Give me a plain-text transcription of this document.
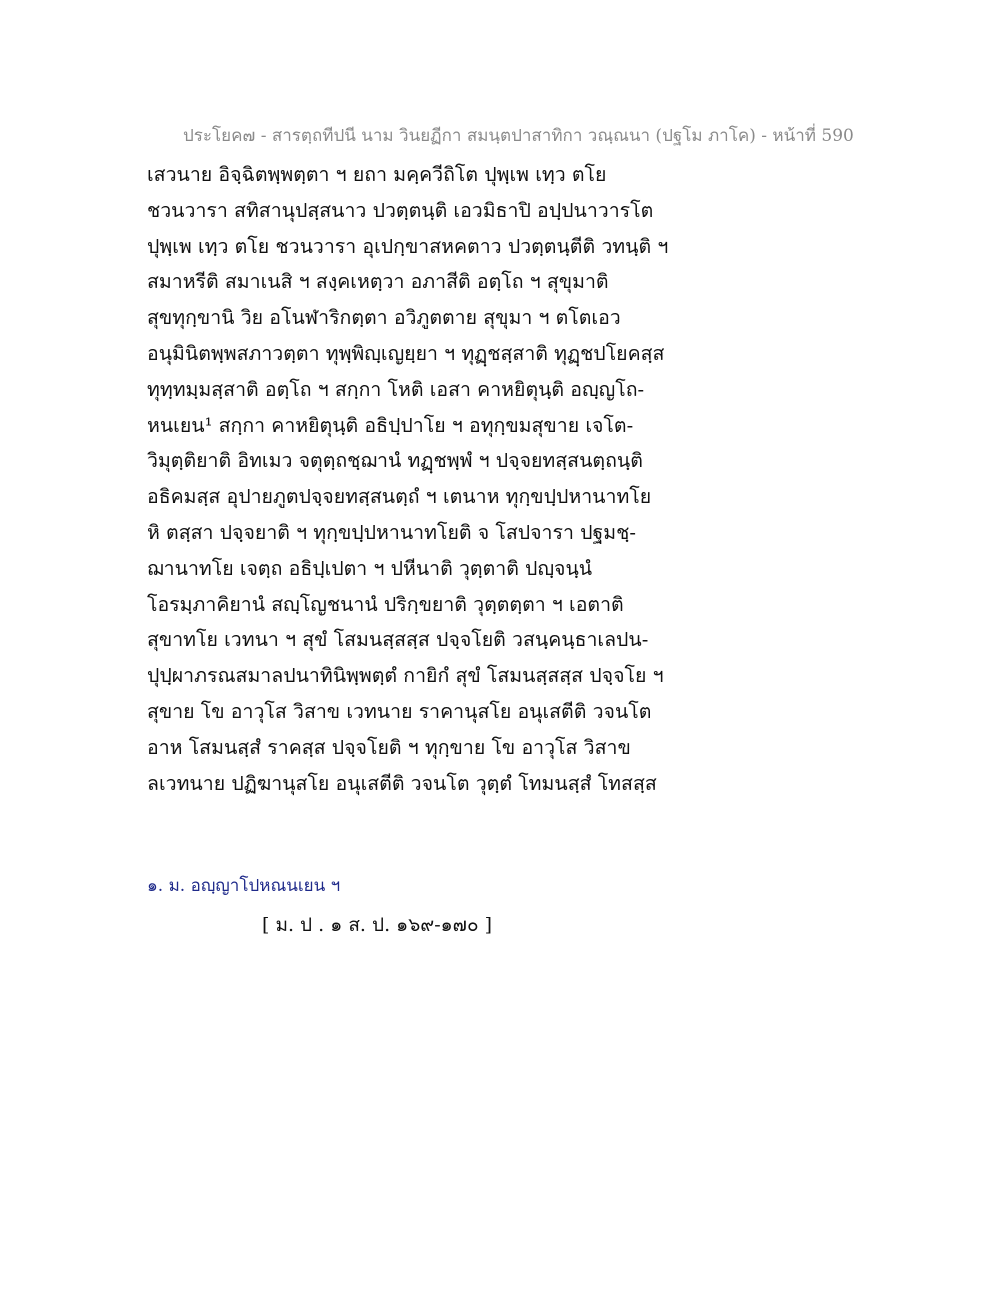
ประโยค๗ - สารตฺถทีปนี นาม วินยฏีกา สมนฺตปาสาทิกา วณฺณนา (ปฐโม ภาโค) - หน้าที่ 590
เสวนาย อิจฺฉิตพฺพตฺตา ฯ ยถา มคฺควีถิโต ปุพฺเพ เทฺว ตโย
ชวนวารา สทิสานุปสฺสนาว ปวตฺตนฺติ เอวมิธาปิ อปฺปนาวารโต
ปุพฺเพ เทฺว ตโย ชวนวารา อุเปกฺขาสหคตาว ปวตฺตนฺตีติ วทนฺติ ฯ
สมาหรีติ สมาเนสิ ฯ สงฺคเหตฺวา อภาสีติ อตฺโถ ฯ สุขุมาติ
สุขทุกฺขานิ วิย อโนฬาริกตฺตา อวิภูตตาย สุขุมา ฯ ตโตเอว
อนุมินิตพฺพสภาวตฺตา ทุพฺพิญฺเญยฺยา ฯ ทุฏฺชสฺสาติ ทุฏฺชปโยคสฺส
ทุทฺทมฺมสฺสาติ อตฺโถ ฯ สกฺกา โหติ เอสา คาหยิตุนฺติ อญฺญโถ-
หนเยน¹ สกฺกา คาหยิตุนฺติ อธิปฺปาโย ฯ อทุกฺขมสุขาย เจโต-
วิมุตฺติยาติ อิทเมว จตุตฺถชฺฌานํ ทฏฺชพฺพํ ฯ ปจฺจยทสฺสนตฺถนฺติ
อธิคมสฺส อุปายภูตปจฺจยทสฺสนตฺถํ ฯ เตนาห ทุกฺขปฺปหานาทโย
หิ ตสฺสา ปจฺจยาติ ฯ ทุกฺขปฺปหานาทโยติ จ โสปจารา ปฐมชฺ-
ฌานาทโย เจตฺถ อธิปฺเปตา ฯ ปหีนาติ วุตฺตาติ ปญฺจนฺนํ
โอรมฺภาคิยานํ สญฺโญชนานํ ปริกฺขยาติ วุตฺตตฺตา ฯ เอตาติ
สุขาทโย เวทนา ฯ สุขํ โสมนสฺสสฺส ปจฺจโยติ วสนฺคนฺธาเลปน-
ปุปฺผาภรณสมาลปนาทินิพฺพตฺตํ กายิกํ สุขํ โสมนสฺสสฺส ปจฺจโย ฯ
สุขาย โข อาวุโส วิสาข เวทนาย ราคานุสโย อนุเสตีติ วจนโต
อาห โสมนสฺสํ ราคสฺส ปจฺจโยติ ฯ ทุกฺขาย โข อาวุโส วิสาข
ลเวทนาย ปฏิฆานุสโย อนุเสตีติ วจนโต วุตฺตํ โทมนสฺสํ โทสสฺส
๑. ม. อญฺญาโปหณนเยน ฯ
[ ม. ป . ๑ ส. ป. ๑๖๙-๑๗๐ ]
